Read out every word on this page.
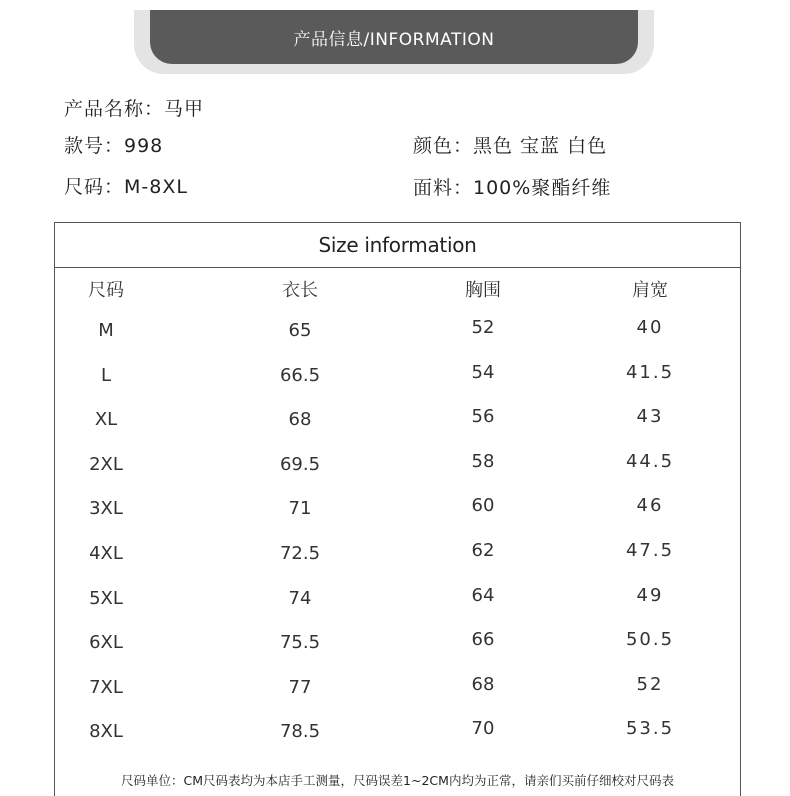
产品信息/INFORMATION
产品名称：马甲
款号：998	颜色：黑色 宝蓝 白色
尺码：M-8XL	面料：100%聚酯纤维
Size information
尺码单位：CM尺码表均为本店手工测量，尺码误差1~2CM内均为正常，请亲们买前仔细校对尺码表
尺码	衣长	胸围	肩宽
M	65	52	40
L	66.5	54	41.5
XL	68	56	43
2XL	69.5	58	44.5
3XL	71	60	46
4XL	72.5	62	47.5
5XL	74	64	49
6XL	75.5	66	50.5
7XL	77	68	52
8XL	78.5	70	53.5
